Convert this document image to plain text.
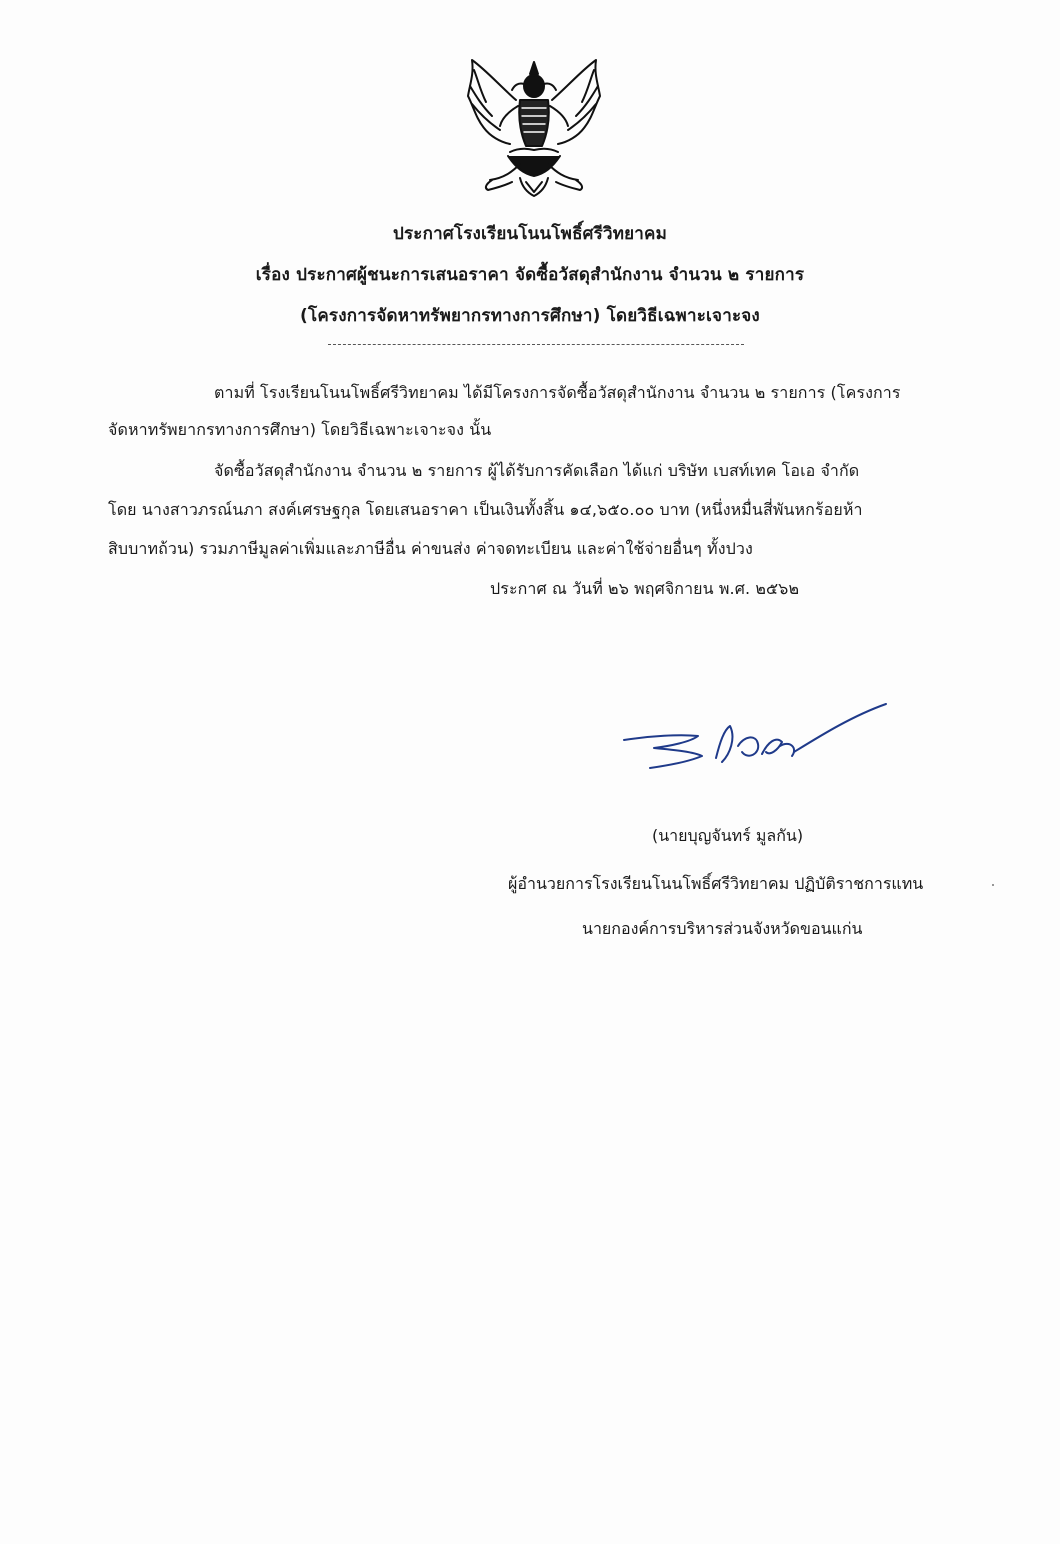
ประกาศโรงเรียนโนนโพธิ์ศรีวิทยาคม
เรื่อง ประกาศผู้ชนะการเสนอราคา จัดซื้อวัสดุสำนักงาน จำนวน ๒ รายการ
(โครงการจัดหาทรัพยากรทางการศึกษา) โดยวิธีเฉพาะเจาะจง
ตามที่ โรงเรียนโนนโพธิ์ศรีวิทยาคม ได้มีโครงการจัดซื้อวัสดุสำนักงาน จำนวน ๒ รายการ (โครงการ
จัดหาทรัพยากรทางการศึกษา) โดยวิธีเฉพาะเจาะจง นั้น
จัดซื้อวัสดุสำนักงาน จำนวน ๒ รายการ ผู้ได้รับการคัดเลือก ได้แก่ บริษัท เบสท์เทค โอเอ จำกัด
โดย นางสาวภรณ์นภา สงค์เศรษฐกุล โดยเสนอราคา เป็นเงินทั้งสิ้น ๑๔,๖๕๐.๐๐ บาท (หนึ่งหมื่นสี่พันหกร้อยห้า
สิบบาทถ้วน) รวมภาษีมูลค่าเพิ่มและภาษีอื่น ค่าขนส่ง ค่าจดทะเบียน และค่าใช้จ่ายอื่นๆ ทั้งปวง
ประกาศ ณ วันที่ ๒๖ พฤศจิกายน พ.ศ. ๒๕๖๒
(นายบุญจันทร์ มูลกัน)
ผู้อำนวยการโรงเรียนโนนโพธิ์ศรีวิทยาคม ปฏิบัติราชการแทน
นายกองค์การบริหารส่วนจังหวัดขอนแก่น
